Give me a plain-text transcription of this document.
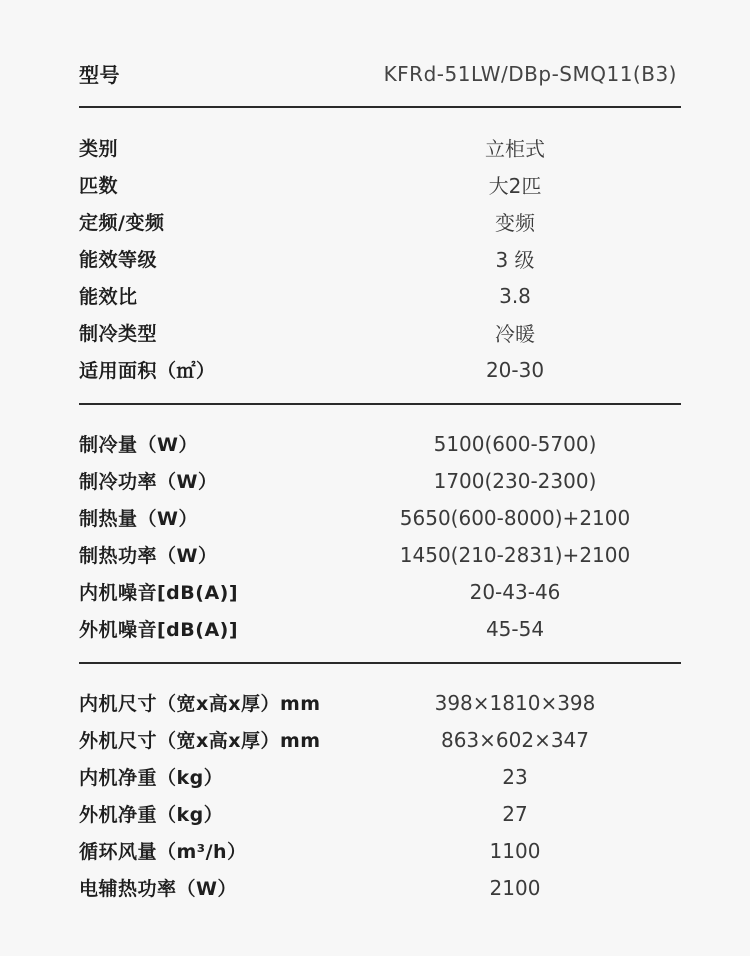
型号	KFRd-51LW/DBp-SMQ11(B3)
类别	立柜式
匹数	大2匹
定频/变频	变频
能效等级	3 级
能效比	3.8
制冷类型	冷暖
适用面积（㎡）	20-30
制冷量（W）	5100(600-5700)
制冷功率（W）	1700(230-2300)
制热量（W）	5650(600-8000)+2100
制热功率（W）	1450(210-2831)+2100
内机噪音[dB(A)]	20-43-46
外机噪音[dB(A)]	45-54
内机尺寸（宽x高x厚）mm	398×1810×398
外机尺寸（宽x高x厚）mm	863×602×347
内机净重（kg）	23
外机净重（kg）	27
循环风量（m³/h）	1100
电辅热功率（W）	2100
